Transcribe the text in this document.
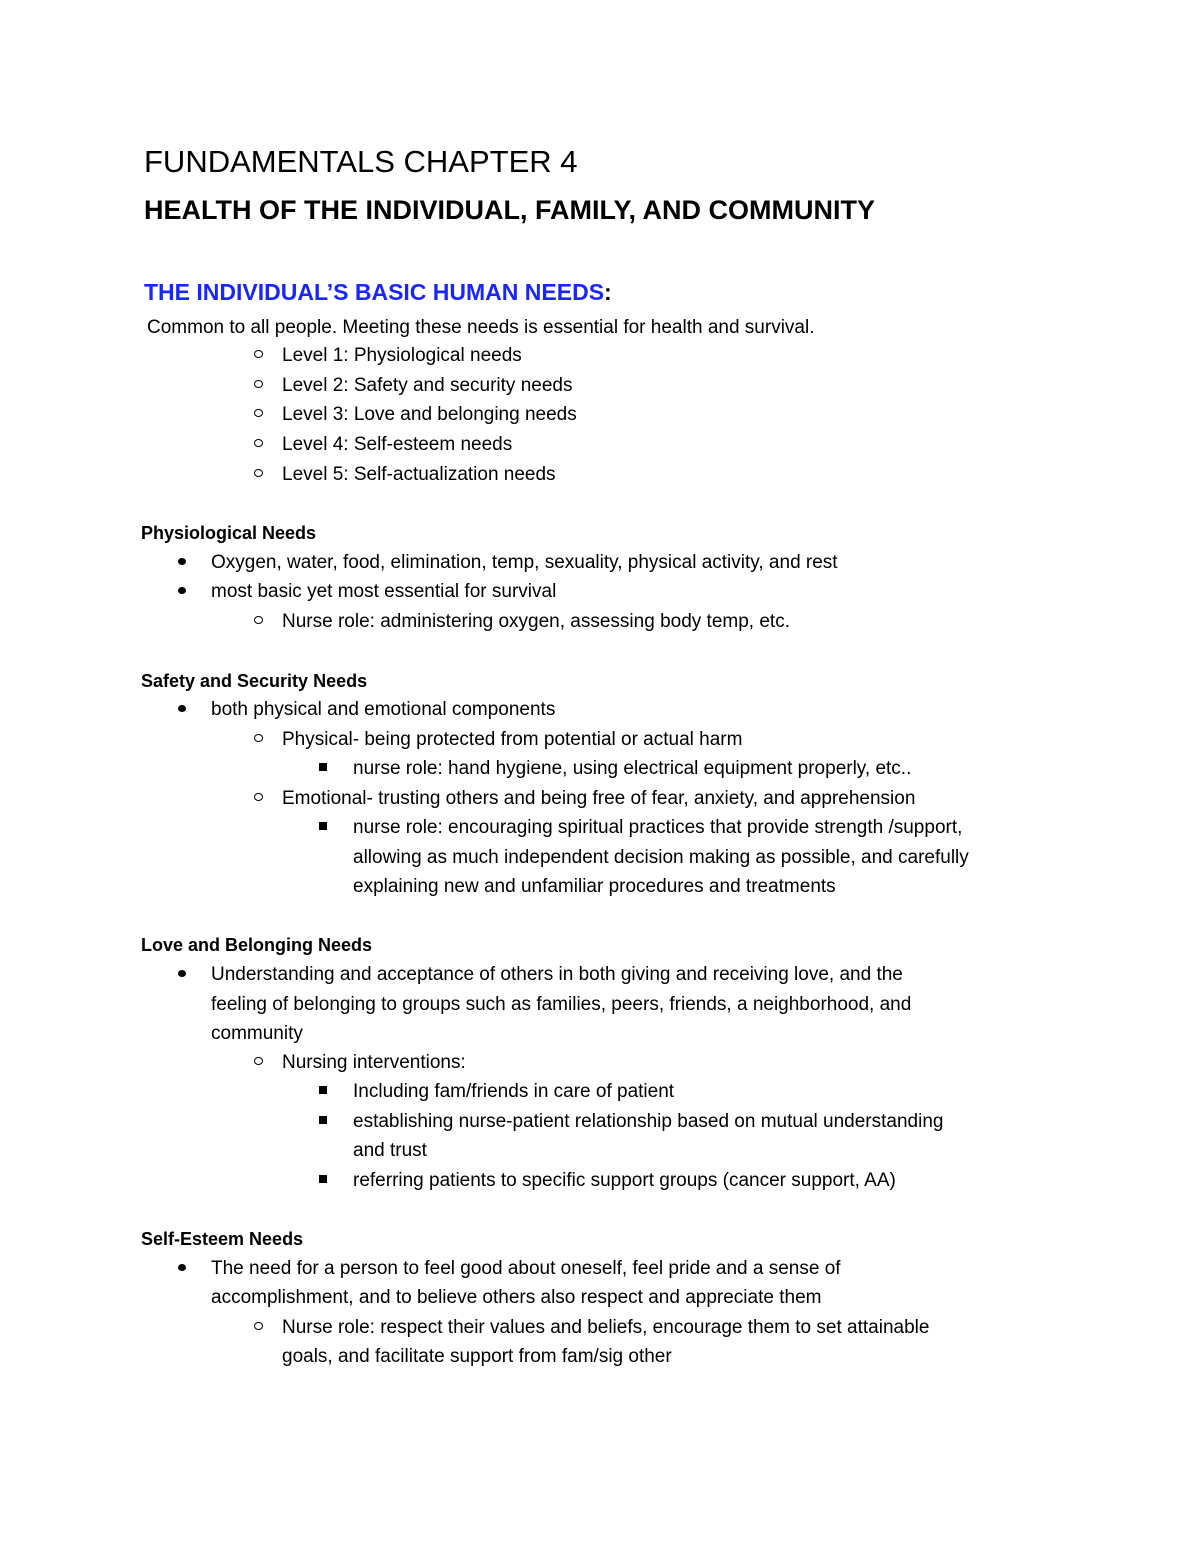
FUNDAMENTALS CHAPTER 4
HEALTH OF THE INDIVIDUAL, FAMILY, AND COMMUNITY
THE INDIVIDUAL’S BASIC HUMAN NEEDS:
Common to all people. Meeting these needs is essential for health and survival.
Level 1: Physiological needs
Level 2: Safety and security needs
Level 3: Love and belonging needs
Level 4: Self-esteem needs
Level 5: Self-actualization needs
Physiological Needs
Oxygen, water, food, elimination, temp, sexuality, physical activity, and rest
most basic yet most essential for survival
Nurse role: administering oxygen, assessing body temp, etc.
Safety and Security Needs
both physical and emotional components
Physical- being protected from potential or actual harm
nurse role: hand hygiene, using electrical equipment properly, etc..
Emotional- trusting others and being free of fear, anxiety, and apprehension
nurse role: encouraging spiritual practices that provide strength /support,
allowing as much independent decision making as possible, and carefully
explaining new and unfamiliar procedures and treatments
Love and Belonging Needs
Understanding and acceptance of others in both giving and receiving love, and the
feeling of belonging to groups such as families, peers, friends, a neighborhood, and
community
Nursing interventions:
Including fam/friends in care of patient
establishing nurse-patient relationship based on mutual understanding
and trust
referring patients to specific support groups (cancer support, AA)
Self-Esteem Needs
The need for a person to feel good about oneself, feel pride and a sense of
accomplishment, and to believe others also respect and appreciate them
Nurse role: respect their values and beliefs, encourage them to set attainable
goals, and facilitate support from fam/sig other
